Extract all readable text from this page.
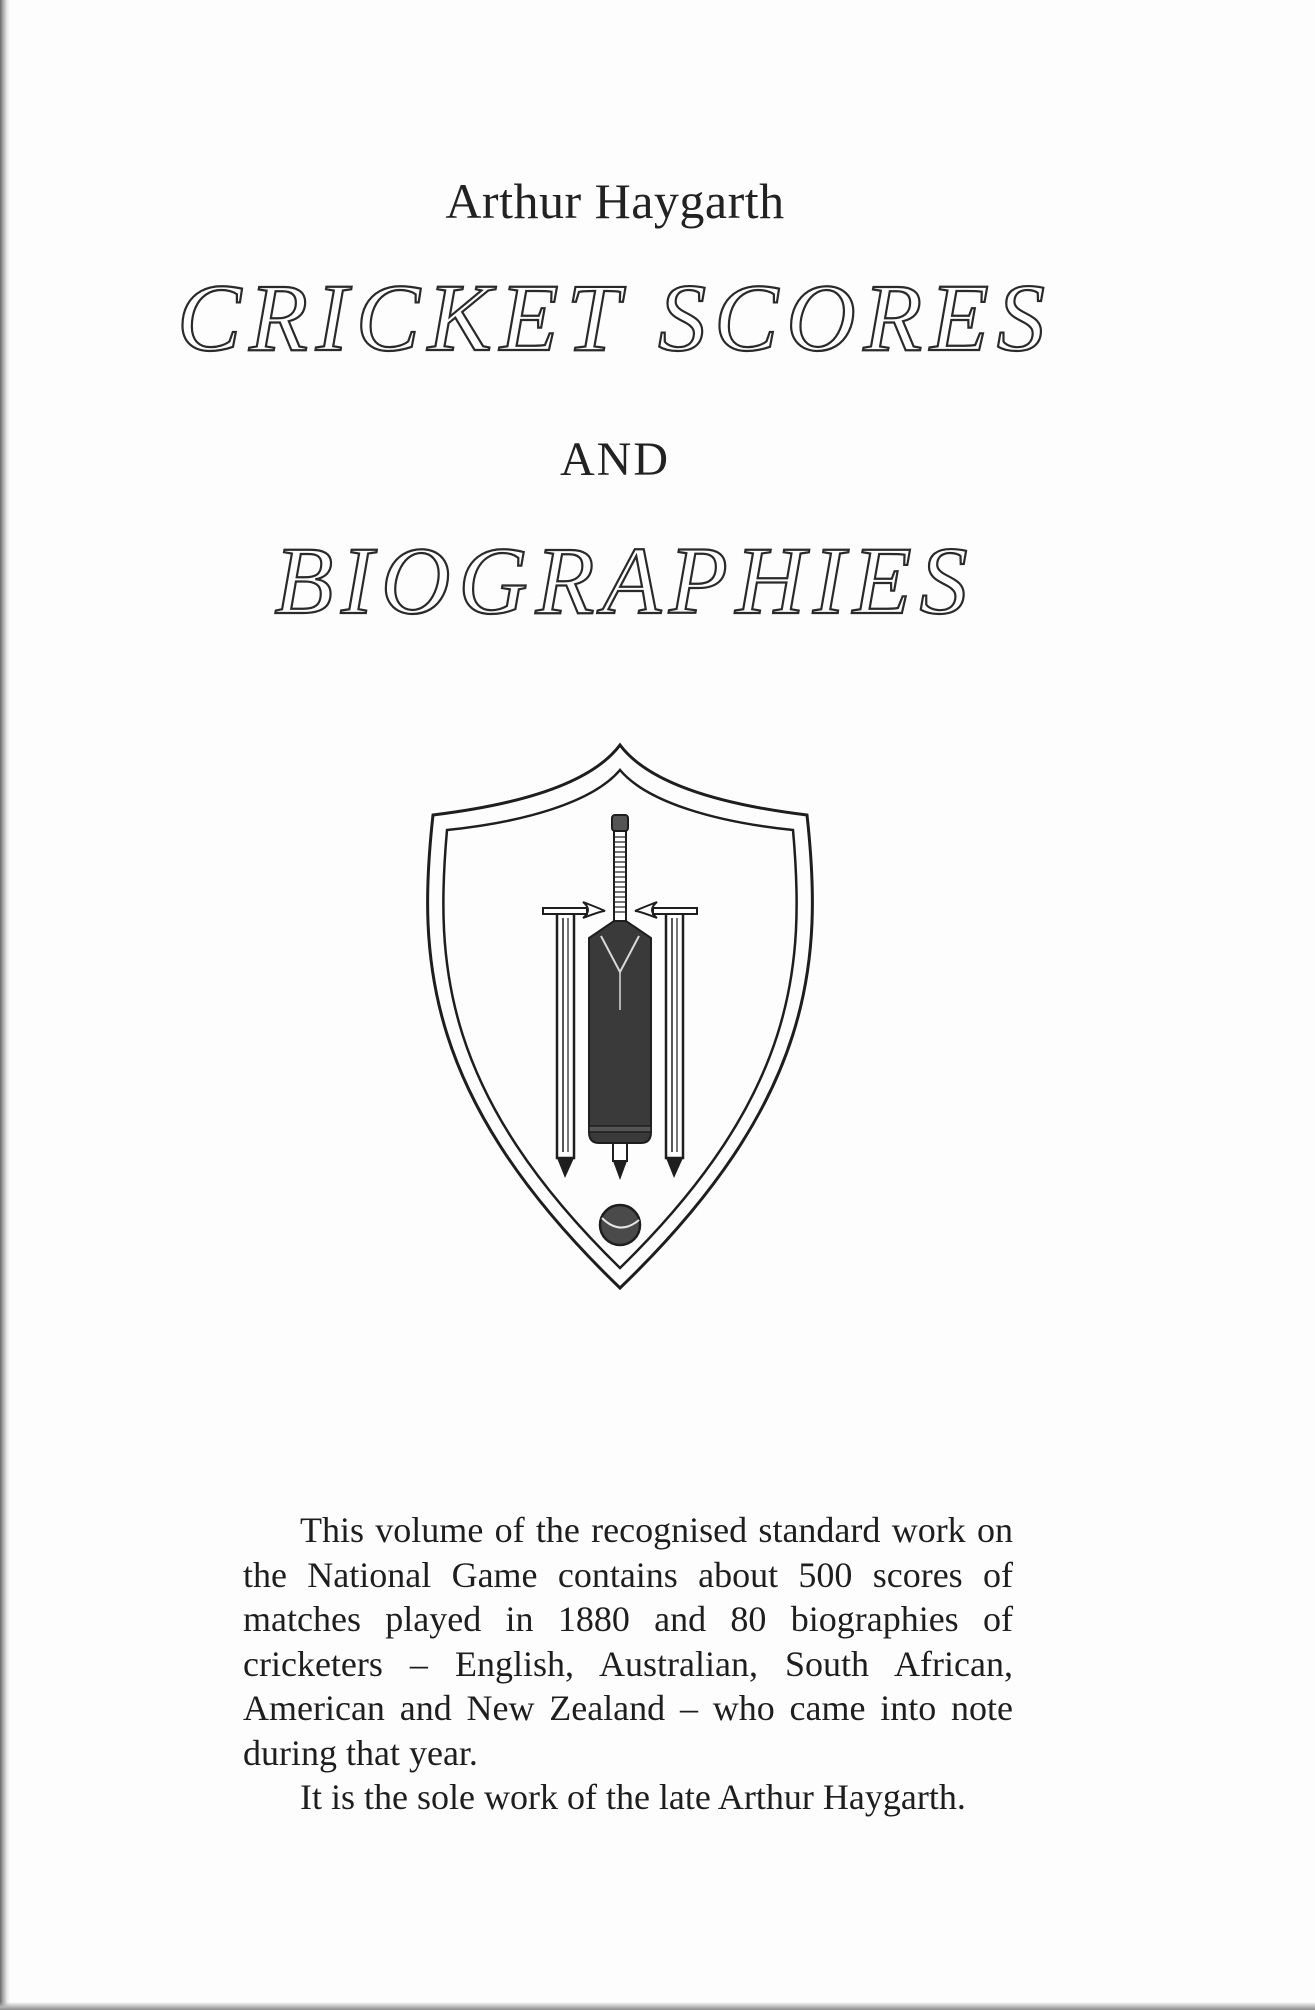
Arthur Haygarth
CRICKET SCORES
AND
BIOGRAPHIES

This volume of the recognised standard work on the National Game contains about 500 scores of matches played in 1880 and 80 biographies of cricketers – English, Australian, South African, American and New Zealand – who came into note during that year.

It is the sole work of the late Arthur Haygarth.
